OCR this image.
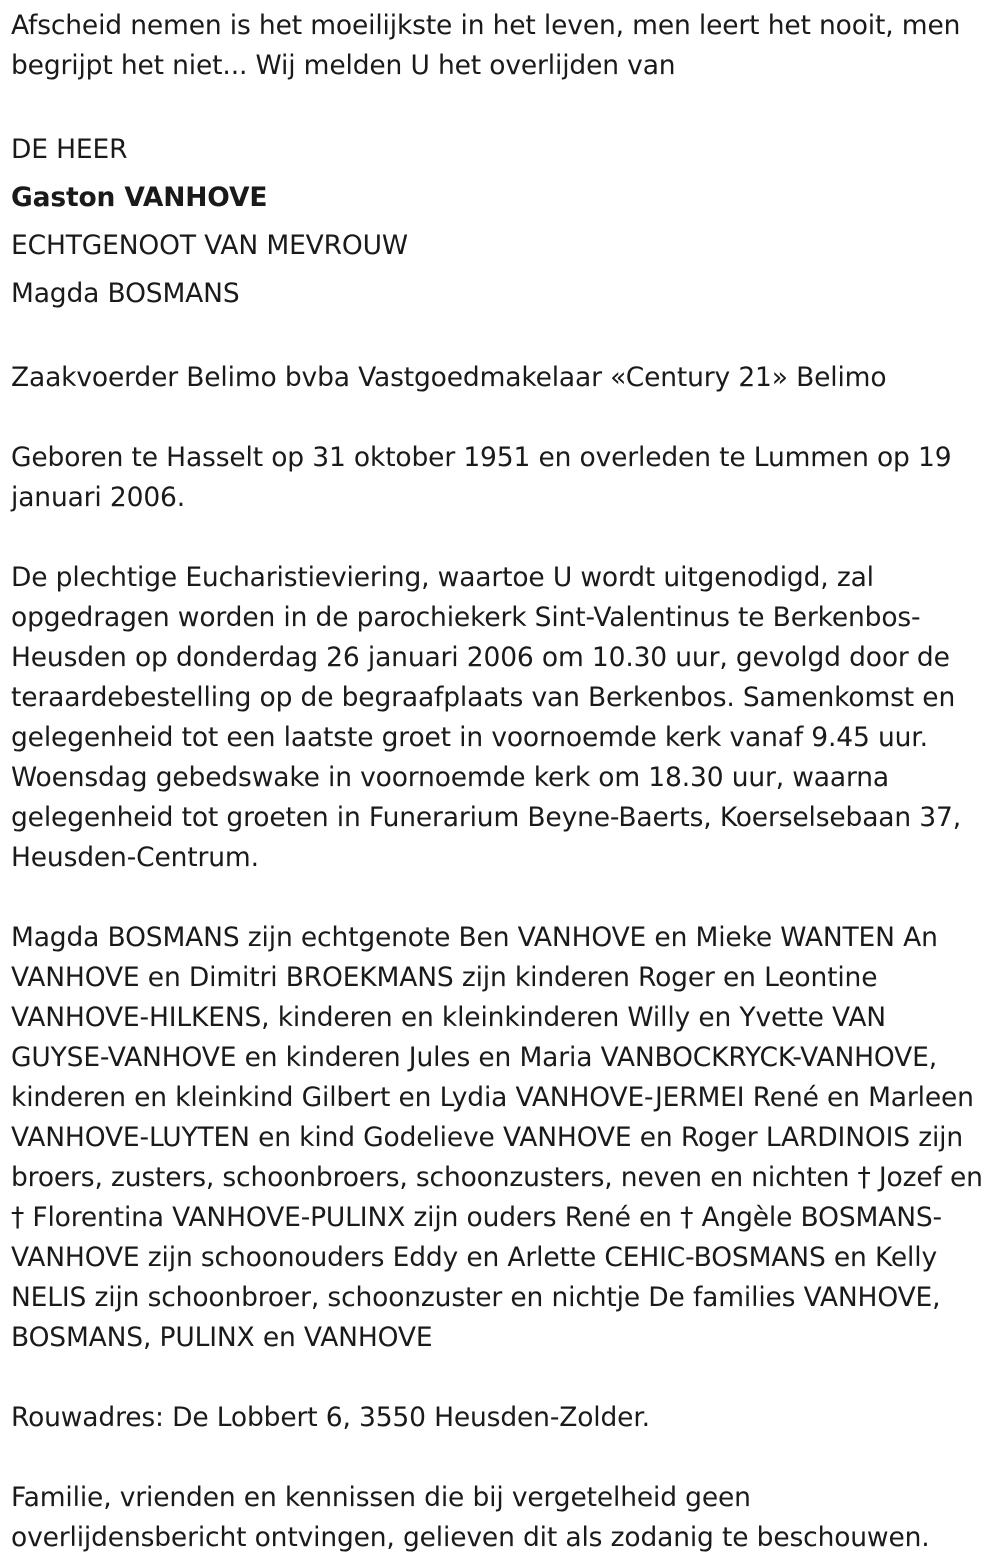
Afscheid nemen is het moeilijkste in het leven, men leert het nooit, men begrijpt het niet... Wij melden U het overlijden van

DE HEER

Gaston VANHOVE

ECHTGENOOT VAN MEVROUW

Magda BOSMANS

Zaakvoerder Belimo bvba Vastgoedmakelaar «Century 21» Belimo

Geboren te Hasselt op 31 oktober 1951 en overleden te Lummen op 19 januari 2006.

De plechtige Eucharistieviering, waartoe U wordt uitgenodigd, zal opgedragen worden in de parochiekerk Sint-Valentinus te Berkenbos-Heusden op donderdag 26 januari 2006 om 10.30 uur, gevolgd door de teraardebestelling op de begraafplaats van Berkenbos. Samenkomst en gelegenheid tot een laatste groet in voornoemde kerk vanaf 9.45 uur. Woensdag gebedswake in voornoemde kerk om 18.30 uur, waarna gelegenheid tot groeten in Funerarium Beyne-Baerts, Koerselsebaan 37, Heusden-Centrum.

Magda BOSMANS zijn echtgenote Ben VANHOVE en Mieke WANTEN An VANHOVE en Dimitri BROEKMANS zijn kinderen Roger en Leontine VANHOVE-HILKENS, kinderen en kleinkinderen Willy en Yvette VAN GUYSE-VANHOVE en kinderen Jules en Maria VANBOCKRYCK-VANHOVE, kinderen en kleinkind Gilbert en Lydia VANHOVE-JERMEI René en Marleen VANHOVE-LUYTEN en kind Godelieve VANHOVE en Roger LARDINOIS zijn broers, zusters, schoonbroers, schoonzusters, neven en nichten † Jozef en † Florentina VANHOVE-PULINX zijn ouders René en † Angèle BOSMANS-VANHOVE zijn schoonouders Eddy en Arlette CEHIC-BOSMANS en Kelly NELIS zijn schoonbroer, schoonzuster en nichtje De families VANHOVE, BOSMANS, PULINX en VANHOVE

Rouwadres: De Lobbert 6, 3550 Heusden-Zolder.

Familie, vrienden en kennissen die bij vergetelheid geen overlijdensbericht ontvingen, gelieven dit als zodanig te beschouwen.
